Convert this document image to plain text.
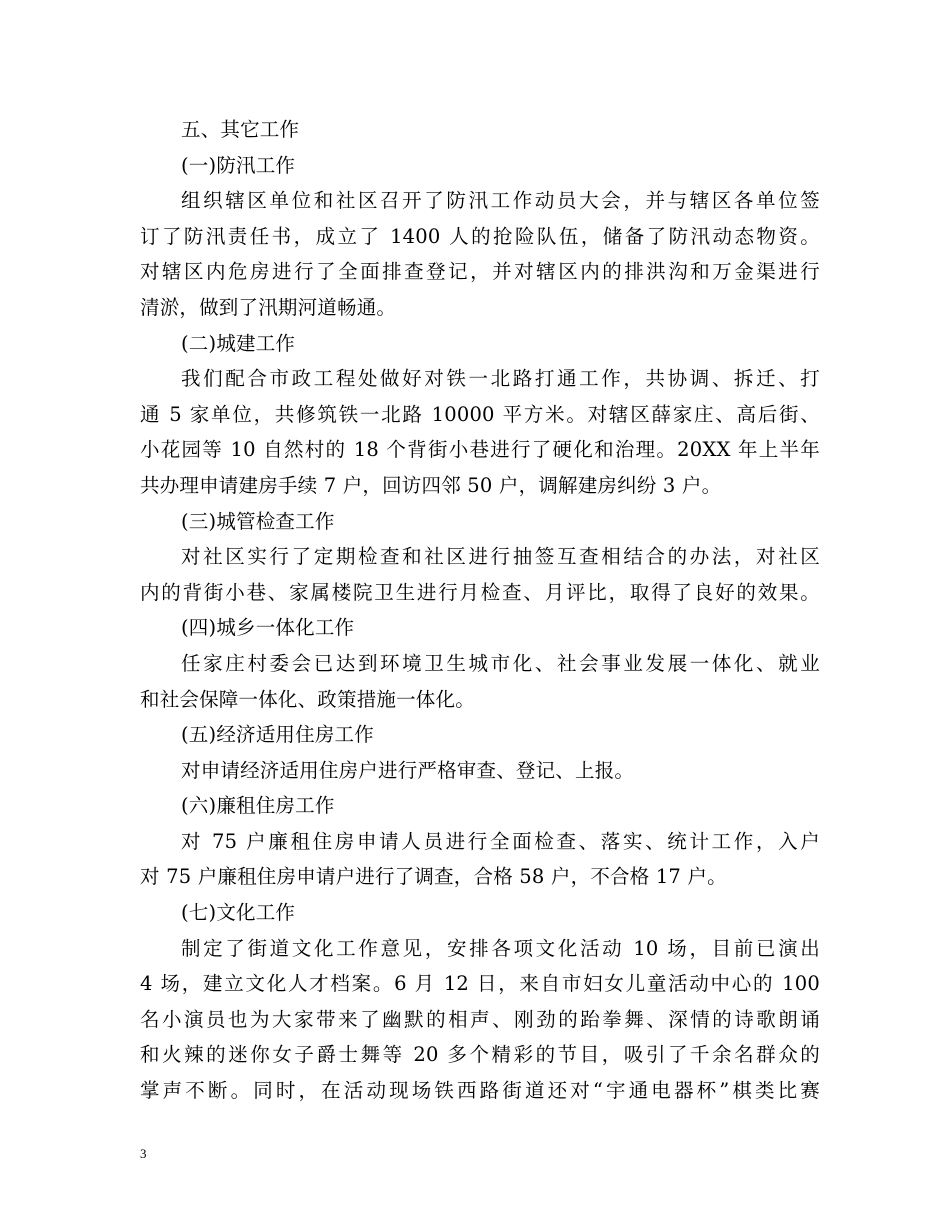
五、其它工作
(一)防汛工作
组织辖区单位和社区召开了防汛工作动员大会，并与辖区各单位签
订了防汛责任书，成立了 1400 人的抢险队伍，储备了防汛动态物资。
对辖区内危房进行了全面排查登记，并对辖区内的排洪沟和万金渠进行
清淤，做到了汛期河道畅通。
(二)城建工作
我们配合市政工程处做好对铁一北路打通工作，共协调、拆迁、打
通 5 家单位，共修筑铁一北路 10000 平方米。对辖区薛家庄、高后街、
小花园等 10 自然村的 18 个背街小巷进行了硬化和治理。20XX 年上半年
共办理申请建房手续 7 户，回访四邻 50 户，调解建房纠纷 3 户。
(三)城管检查工作
对社区实行了定期检查和社区进行抽签互查相结合的办法，对社区
内的背街小巷、家属楼院卫生进行月检查、月评比，取得了良好的效果。
(四)城乡一体化工作
任家庄村委会已达到环境卫生城市化、社会事业发展一体化、就业
和社会保障一体化、政策措施一体化。
(五)经济适用住房工作
对申请经济适用住房户进行严格审查、登记、上报。
(六)廉租住房工作
对 75 户廉租住房申请人员进行全面检查、落实、统计工作，入户
对 75 户廉租住房申请户进行了调查，合格 58 户，不合格 17 户。
(七)文化工作
制定了街道文化工作意见，安排各项文化活动 10 场，目前已演出
4 场，建立文化人才档案。6 月 12 日，来自市妇女儿童活动中心的 100
名小演员也为大家带来了幽默的相声、刚劲的跆拳舞、深情的诗歌朗诵
和火辣的迷你女子爵士舞等 20 多个精彩的节目，吸引了千余名群众的
掌声不断。同时，在活动现场铁西路街道还对“宇通电器杯”棋类比赛
3
